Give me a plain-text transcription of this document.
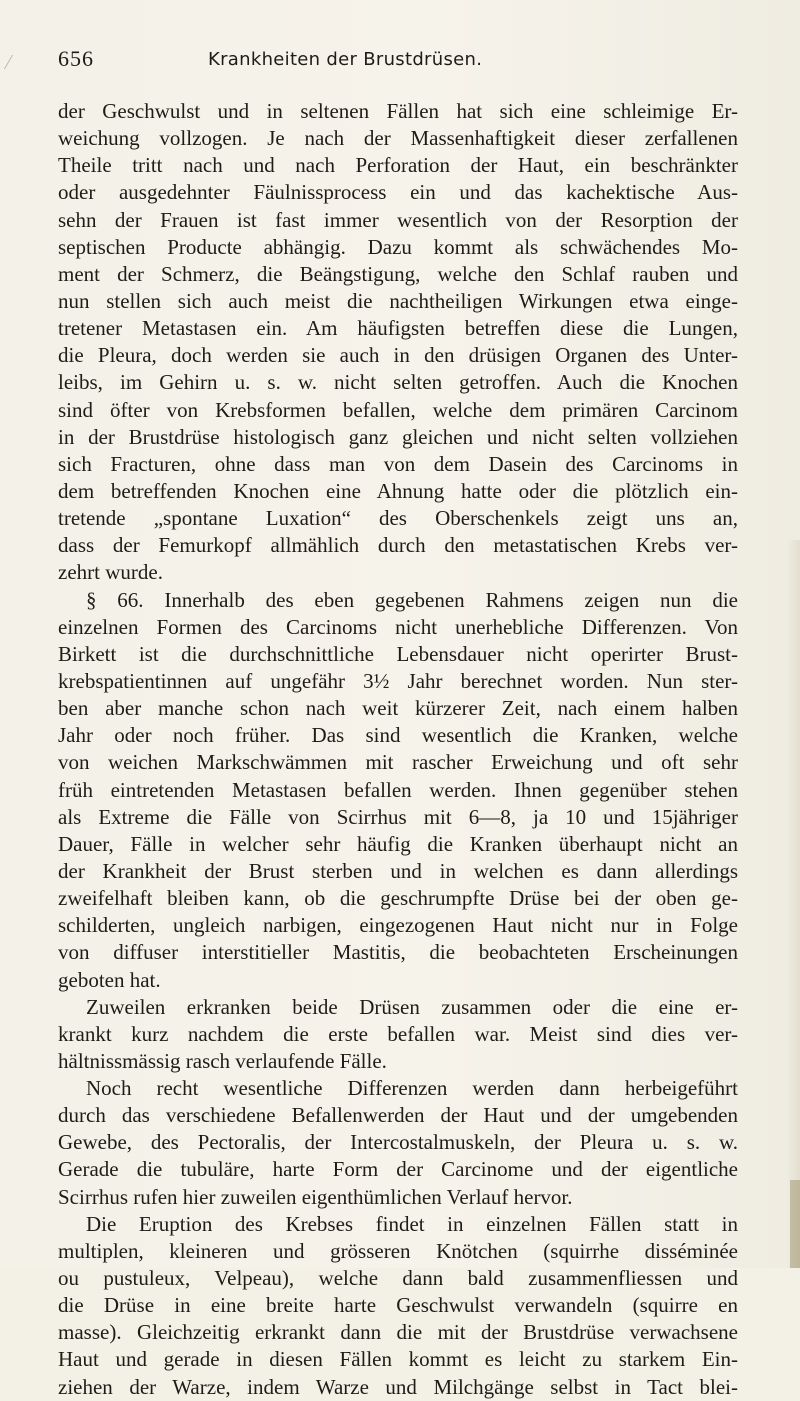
656	Krankheiten der Brustdrüsen.
der Geschwulst und in seltenen Fällen hat sich eine schleimige Er-
weichung vollzogen. Je nach der Massenhaftigkeit dieser zerfallenen
Theile tritt nach und nach Perforation der Haut, ein beschränkter
oder ausgedehnter Fäulnissprocess ein und das kachektische Aus-
sehn der Frauen ist fast immer wesentlich von der Resorption der
septischen Producte abhängig. Dazu kommt als schwächendes Mo-
ment der Schmerz, die Beängstigung, welche den Schlaf rauben und
nun stellen sich auch meist die nachtheiligen Wirkungen etwa einge-
tretener Metastasen ein. Am häufigsten betreffen diese die Lungen,
die Pleura, doch werden sie auch in den drüsigen Organen des Unter-
leibs, im Gehirn u. s. w. nicht selten getroffen. Auch die Knochen
sind öfter von Krebsformen befallen, welche dem primären Carcinom
in der Brustdrüse histologisch ganz gleichen und nicht selten vollziehen
sich Fracturen, ohne dass man von dem Dasein des Carcinoms in
dem betreffenden Knochen eine Ahnung hatte oder die plötzlich ein-
tretende „spontane Luxation“ des Oberschenkels zeigt uns an,
dass der Femurkopf allmählich durch den metastatischen Krebs ver-
zehrt wurde.
§ 66. Innerhalb des eben gegebenen Rahmens zeigen nun die
einzelnen Formen des Carcinoms nicht unerhebliche Differenzen. Von
Birkett ist die durchschnittliche Lebensdauer nicht operirter Brust-
krebspatientinnen auf ungefähr 3½ Jahr berechnet worden. Nun ster-
ben aber manche schon nach weit kürzerer Zeit, nach einem halben
Jahr oder noch früher. Das sind wesentlich die Kranken, welche
von weichen Markschwämmen mit rascher Erweichung und oft sehr
früh eintretenden Metastasen befallen werden. Ihnen gegenüber stehen
als Extreme die Fälle von Scirrhus mit 6—8, ja 10 und 15jähriger
Dauer, Fälle in welcher sehr häufig die Kranken überhaupt nicht an
der Krankheit der Brust sterben und in welchen es dann allerdings
zweifelhaft bleiben kann, ob die geschrumpfte Drüse bei der oben ge-
schilderten, ungleich narbigen, eingezogenen Haut nicht nur in Folge
von diffuser interstitieller Mastitis, die beobachteten Erscheinungen
geboten hat.
Zuweilen erkranken beide Drüsen zusammen oder die eine er-
krankt kurz nachdem die erste befallen war. Meist sind dies ver-
hältnissmässig rasch verlaufende Fälle.
Noch recht wesentliche Differenzen werden dann herbeigeführt
durch das verschiedene Befallenwerden der Haut und der umgebenden
Gewebe, des Pectoralis, der Intercostalmuskeln, der Pleura u. s. w.
Gerade die tubuläre, harte Form der Carcinome und der eigentliche
Scirrhus rufen hier zuweilen eigenthümlichen Verlauf hervor.
Die Eruption des Krebses findet in einzelnen Fällen statt in
multiplen, kleineren und grösseren Knötchen (squirrhe disséminée
ou pustuleux, Velpeau), welche dann bald zusammenfliessen und
die Drüse in eine breite harte Geschwulst verwandeln (squirre en
masse). Gleichzeitig erkrankt dann die mit der Brustdrüse verwachsene
Haut und gerade in diesen Fällen kommt es leicht zu starkem Ein-
ziehen der Warze, indem Warze und Milchgänge selbst in Tact blei-
